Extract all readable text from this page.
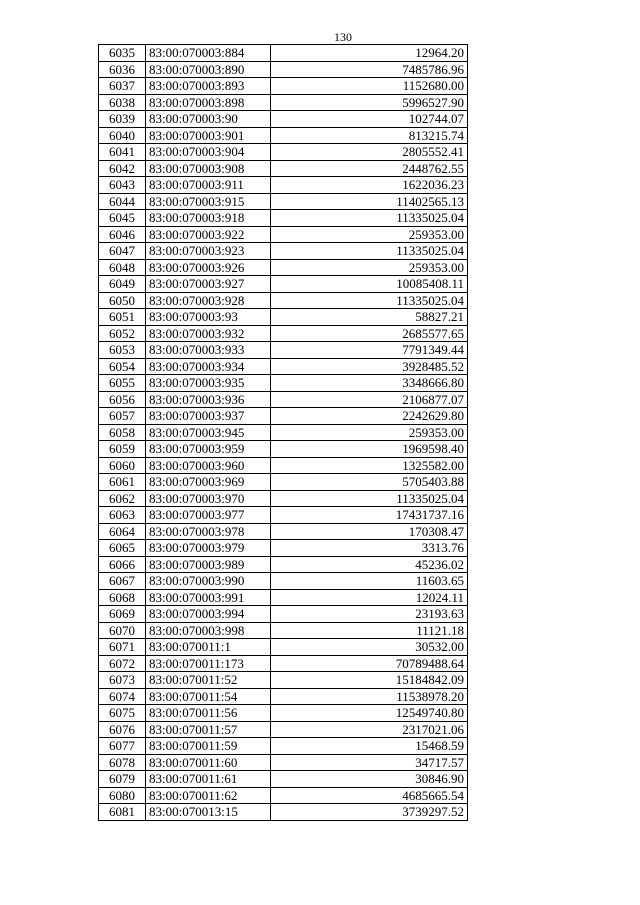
130
6035	83:00:070003:884	12964.20
6036	83:00:070003:890	7485786.96
6037	83:00:070003:893	1152680.00
6038	83:00:070003:898	5996527.90
6039	83:00:070003:90	102744.07
6040	83:00:070003:901	813215.74
6041	83:00:070003:904	2805552.41
6042	83:00:070003:908	2448762.55
6043	83:00:070003:911	1622036.23
6044	83:00:070003:915	11402565.13
6045	83:00:070003:918	11335025.04
6046	83:00:070003:922	259353.00
6047	83:00:070003:923	11335025.04
6048	83:00:070003:926	259353.00
6049	83:00:070003:927	10085408.11
6050	83:00:070003:928	11335025.04
6051	83:00:070003:93	58827.21
6052	83:00:070003:932	2685577.65
6053	83:00:070003:933	7791349.44
6054	83:00:070003:934	3928485.52
6055	83:00:070003:935	3348666.80
6056	83:00:070003:936	2106877.07
6057	83:00:070003:937	2242629.80
6058	83:00:070003:945	259353.00
6059	83:00:070003:959	1969598.40
6060	83:00:070003:960	1325582.00
6061	83:00:070003:969	5705403.88
6062	83:00:070003:970	11335025.04
6063	83:00:070003:977	17431737.16
6064	83:00:070003:978	170308.47
6065	83:00:070003:979	3313.76
6066	83:00:070003:989	45236.02
6067	83:00:070003:990	11603.65
6068	83:00:070003:991	12024.11
6069	83:00:070003:994	23193.63
6070	83:00:070003:998	11121.18
6071	83:00:070011:1	30532.00
6072	83:00:070011:173	70789488.64
6073	83:00:070011:52	15184842.09
6074	83:00:070011:54	11538978.20
6075	83:00:070011:56	12549740.80
6076	83:00:070011:57	2317021.06
6077	83:00:070011:59	15468.59
6078	83:00:070011:60	34717.57
6079	83:00:070011:61	30846.90
6080	83:00:070011:62	4685665.54
6081	83:00:070013:15	3739297.52
